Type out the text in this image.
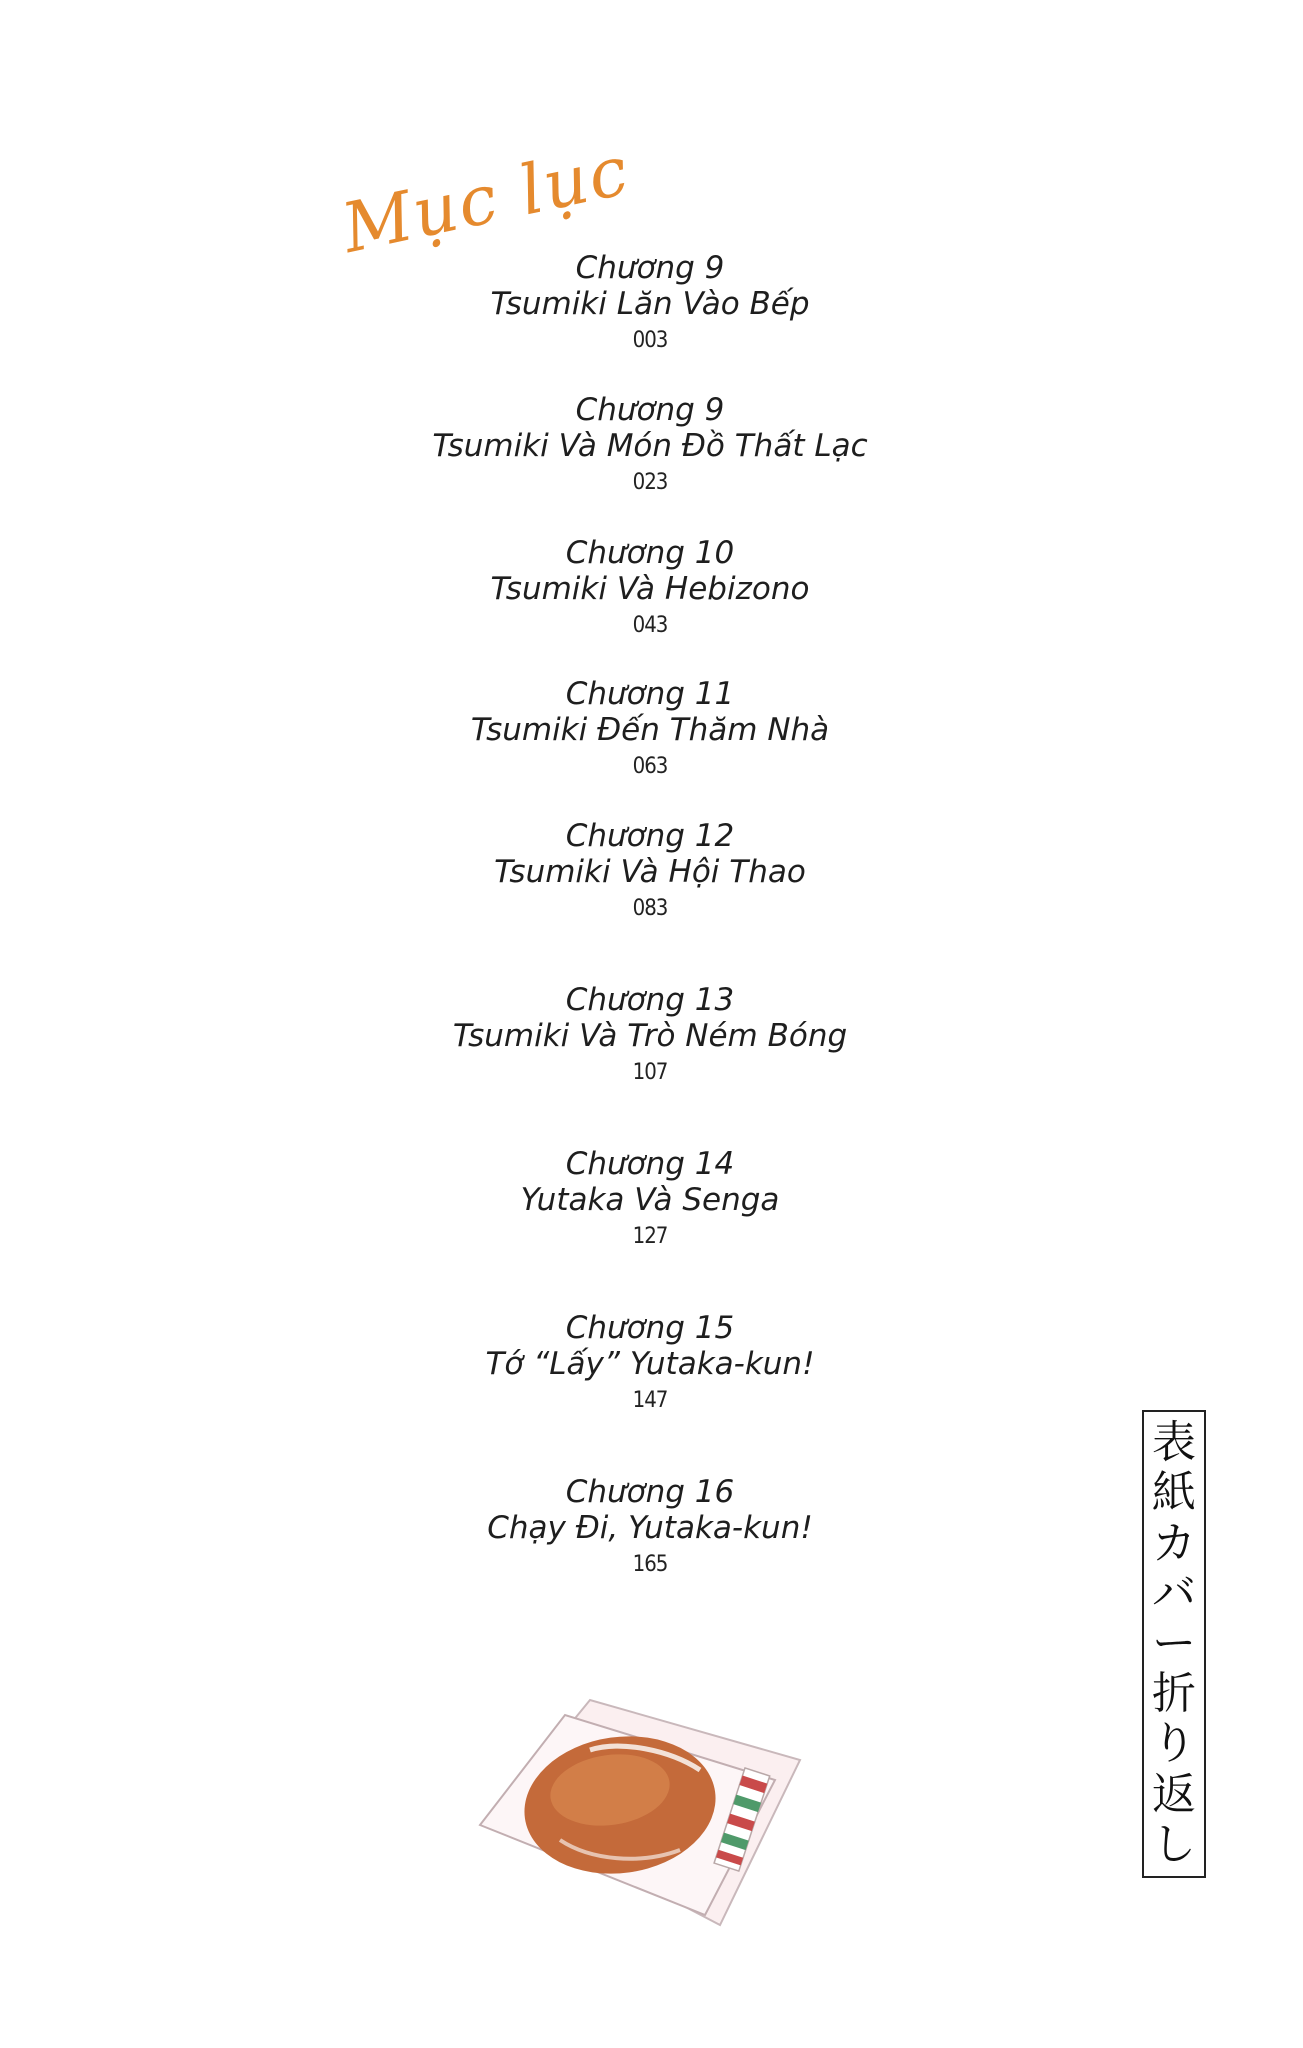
Mục lục
Chương 9
Tsumiki Lăn Vào Bếp
003
Chương 9
Tsumiki Và Món Đồ Thất Lạc
023
Chương 10
Tsumiki Và Hebizono
043
Chương 11
Tsumiki Đến Thăm Nhà
063
Chương 12
Tsumiki Và Hội Thao
083
Chương 13
Tsumiki Và Trò Ném Bóng
107
Chương 14
Yutaka Và Senga
127
Chương 15
Tớ “Lấy” Yutaka-kun!
147
Chương 16
Chạy Đi, Yutaka-kun!
165
表
紙
カ
バ
ー
折
り
返
し
